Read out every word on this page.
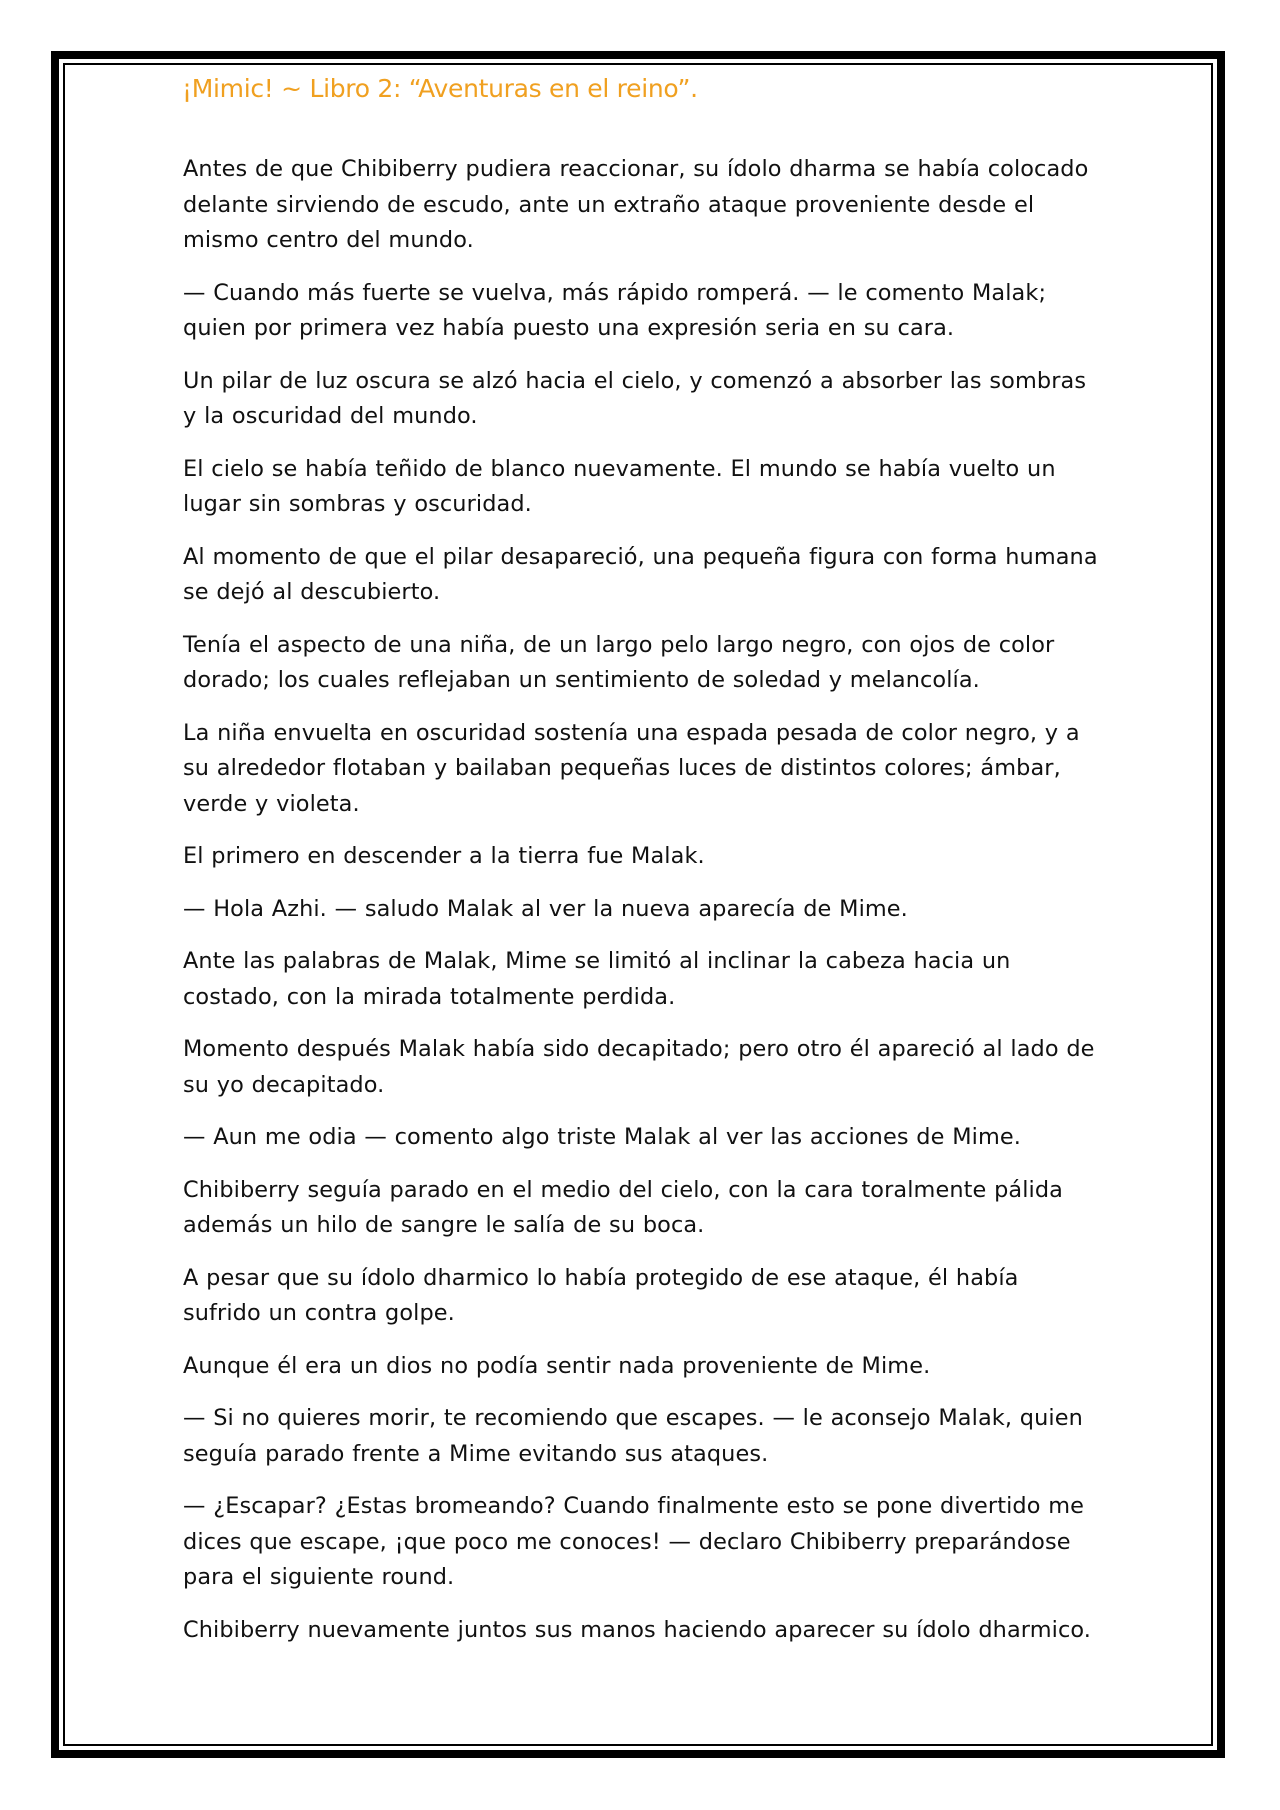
¡Mimic! ~ Libro 2: “Aventuras en el reino”.

Antes de que Chibiberry pudiera reaccionar, su ídolo dharma se había colocado delante sirviendo de escudo, ante un extraño ataque proveniente desde el mismo centro del mundo.

— Cuando más fuerte se vuelva, más rápido romperá. — le comento Malak; quien por primera vez había puesto una expresión seria en su cara.

Un pilar de luz oscura se alzó hacia el cielo, y comenzó a absorber las sombras y la oscuridad del mundo.

El cielo se había teñido de blanco nuevamente. El mundo se había vuelto un lugar sin sombras y oscuridad.

Al momento de que el pilar desapareció, una pequeña figura con forma humana se dejó al descubierto.

Tenía el aspecto de una niña, de un largo pelo largo negro, con ojos de color dorado; los cuales reflejaban un sentimiento de soledad y melancolía.

La niña envuelta en oscuridad sostenía una espada pesada de color negro, y a su alrededor flotaban y bailaban pequeñas luces de distintos colores; ámbar, verde y violeta.

El primero en descender a la tierra fue Malak.

— Hola Azhi. — saludo Malak al ver la nueva aparecía de Mime.

Ante las palabras de Malak, Mime se limitó al inclinar la cabeza hacia un costado, con la mirada totalmente perdida.

Momento después Malak había sido decapitado; pero otro él apareció al lado de su yo decapitado.

— Aun me odia — comento algo triste Malak al ver las acciones de Mime.

Chibiberry seguía parado en el medio del cielo, con la cara toralmente pálida además un hilo de sangre le salía de su boca.

A pesar que su ídolo dharmico lo había protegido de ese ataque, él había sufrido un contra golpe.

Aunque él era un dios no podía sentir nada proveniente de Mime.

— Si no quieres morir, te recomiendo que escapes. — le aconsejo Malak, quien seguía parado frente a Mime evitando sus ataques.

— ¿Escapar? ¿Estas bromeando? Cuando finalmente esto se pone divertido me dices que escape, ¡que poco me conoces! — declaro Chibiberry preparándose para el siguiente round.

Chibiberry nuevamente juntos sus manos haciendo aparecer su ídolo dharmico.
